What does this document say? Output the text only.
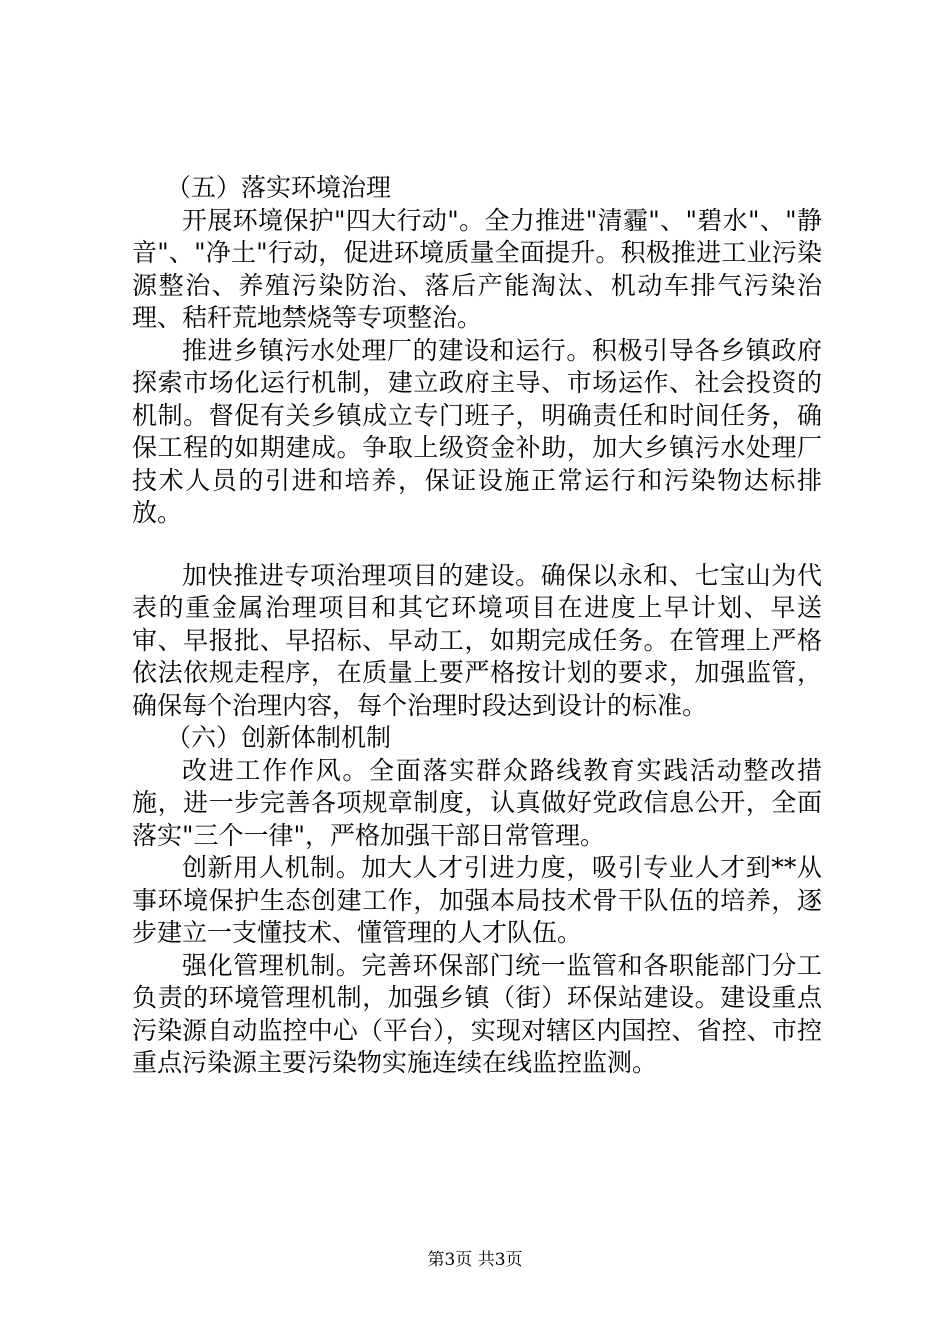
（五）落实环境治理

开展环境保护"四大行动"。全力推进"清霾"、"碧水"、"静音"、"净土"行动，促进环境质量全面提升。积极推进工业污染源整治、养殖污染防治、落后产能淘汰、机动车排气污染治理、秸秆荒地禁烧等专项整治。

推进乡镇污水处理厂的建设和运行。积极引导各乡镇政府探索市场化运行机制，建立政府主导、市场运作、社会投资的机制。督促有关乡镇成立专门班子，明确责任和时间任务，确保工程的如期建成。争取上级资金补助，加大乡镇污水处理厂技术人员的引进和培养，保证设施正常运行和污染物达标排放。

加快推进专项治理项目的建设。确保以永和、七宝山为代表的重金属治理项目和其它环境项目在进度上早计划、早送审、早报批、早招标、早动工，如期完成任务。在管理上严格依法依规走程序，在质量上要严格按计划的要求，加强监管，确保每个治理内容，每个治理时段达到设计的标准。

（六）创新体制机制

改进工作作风。全面落实群众路线教育实践活动整改措施，进一步完善各项规章制度，认真做好党政信息公开，全面落实"三个一律"，严格加强干部日常管理。

创新用人机制。加大人才引进力度，吸引专业人才到**从事环境保护生态创建工作，加强本局技术骨干队伍的培养，逐步建立一支懂技术、懂管理的人才队伍。

强化管理机制。完善环保部门统一监管和各职能部门分工负责的环境管理机制，加强乡镇（街）环保站建设。建设重点污染源自动监控中心（平台），实现对辖区内国控、省控、市控重点污染源主要污染物实施连续在线监控监测。

第3页 共3页
